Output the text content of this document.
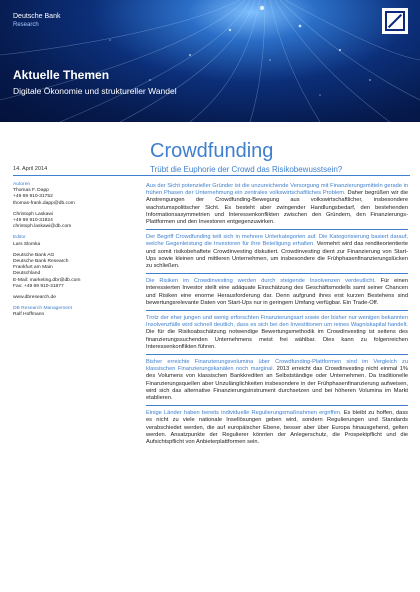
Deutsche Bank
Research
Aktuelle Themen
Digitale Ökonomie und struktureller Wandel
Crowdfunding
Trübt die Euphorie der Crowd das Risikobewusstsein?
14. April 2014
Autoren
Thomas F. Dapp
+49 69 910-31752
thomas-frank.dapp@db.com
Christoph Laskawi
+49 69 910-31924
christoph.laskawi@db.com
Editor
Lars Slomka
Deutsche Bank AG
Deutsche Bank Research
Frankfurt am Main
Deutschland
E-Mail: marketing.dbr@db.com
Fax: +49 69 910-31877
www.dbresearch.de
DB Research Management
Ralf Hoffmann

Aus der Sicht potenzieller Gründer ist die unzureichende Versorgung mit Finanzierungsmitteln gerade in frühen Phasen der Unternehmung ein zentrales volkswirtschaftliches Problem. Daher begrüßen wir die Anstrengungen der Crowdfunding-Bewegung aus volkswirtschaftlicher, insbesondere wachstumspolitischer Sicht. Es besteht aber zwingender Handlungsbedarf, den bestehenden Informationsasymmetrien und Interessenkonflikten zwischen den Gründern, den Finanzierungs-Plattformen und den Investoren entgegenzuwirken.

Der Begriff Crowdfunding teilt sich in mehrere Unterkategorien auf. Die Kategorisierung basiert darauf, welche Gegenleistung die Investoren für ihre Beteiligung erhalten. Vermehrt wird das renditeorientierte und somit risikobehaftete Crowdinvesting diskutiert. Crowdinvesting dient zur Finanzierung von Start-Ups sowie kleinen und mittleren Unternehmen, um insbesondere die Frühphasenfinanzierungslücken zu schließen.

Die Risiken im Crowdinvesting werden durch steigende Insolvenzen verdeutlicht. Für einen interessierten Investor stellt eine adäquate Einschätzung des Geschäftsmodells samt seiner Chancen und Risiken eine enorme Herausforderung dar. Denn aufgrund ihres erst kurzen Bestehens sind bewertungsrelevante Daten von Start-Ups nur in geringem Umfang verfügbar. Ein Trade-Off.

Trotz der eher jungen und wenig erforschten Finanzierungsart sowie der bisher nur wenigen bekannten Insolvenzfälle wird schnell deutlich, dass es sich bei den Investitionen um reines Wagniskapital handelt. Die für die Risikoabschätzung notwendige Bewertungsmethodik im Crowdinvesting ist seitens des finanzierungssuchenden Unternehmens meist frei wählbar. Dies kann zu folgenreichen Interessenkonflikten führen.

Bisher erreichte Finanzierungsvolumina über Crowdfunding-Plattformen sind im Vergleich zu klassischen Finanzierungskanälen noch marginal. 2013 erreicht das Crowdinvesting nicht einmal 1% des Volumens von klassischen Bankkrediten an Selbstständige oder Unternehmen. Da traditionelle Finanzierungsquellen aber Unzulänglichkeiten insbesondere in der Frühphasenfinanzierung aufweisen, wird sich das alternative Finanzierungsinstrument durchsetzen und bei höheren Volumina im Markt etablieren.

Einige Länder haben bereits individuelle Regulierungsmaßnahmen ergriffen. Es bleibt zu hoffen, dass es nicht zu viele nationale Insellösungen geben wird, sondern Regulierungen und Standards verabschiedet werden, die auf europäischer Ebene, besser aber über Europa hinausgehend, gelten werden. Ansatzpunkte der Regulierer könnten der Anlegerschutz, die Prospektpflicht und die Aufsichtspflicht von Anbieterplattformen sein.
